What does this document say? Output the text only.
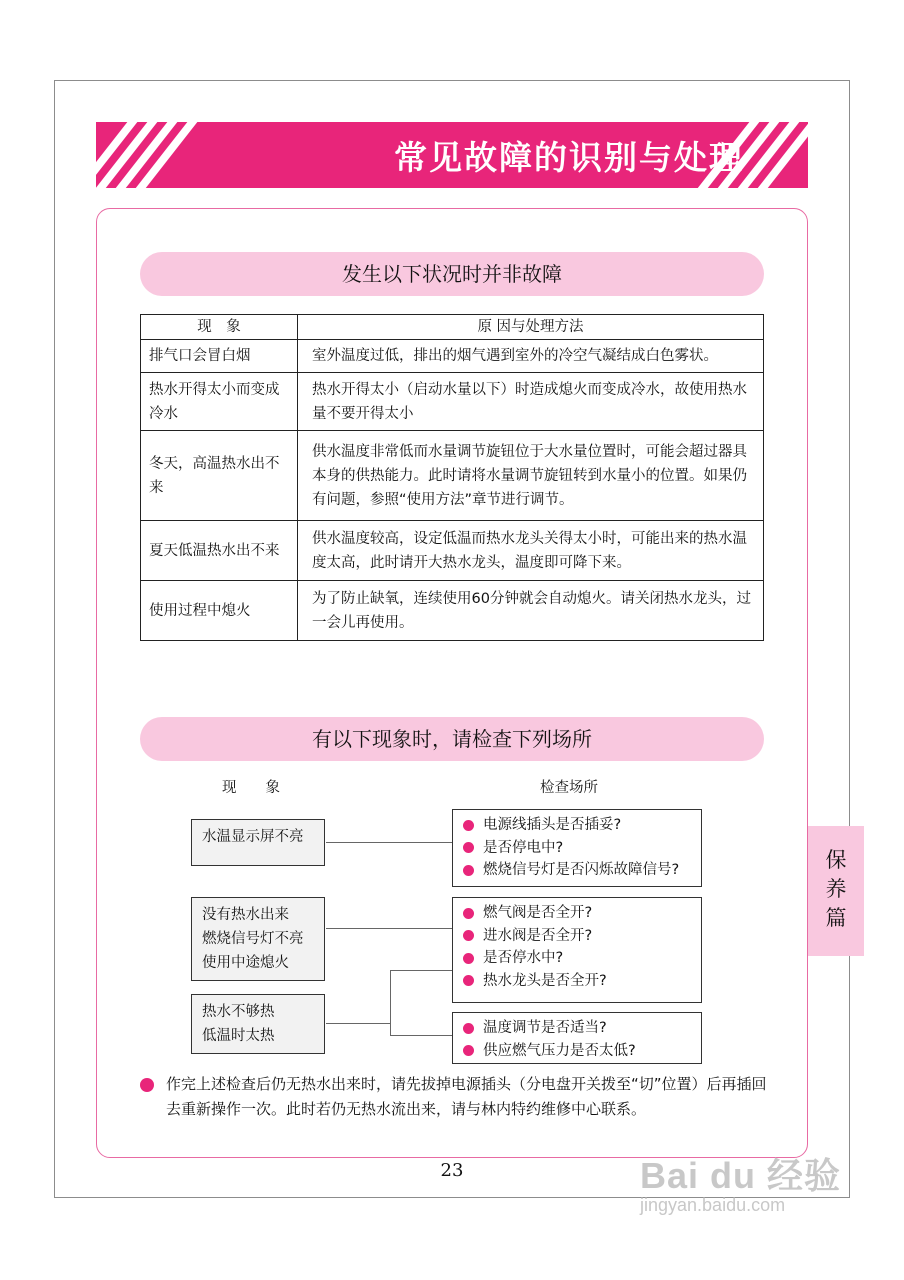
常见故障的识别与处理
发生以下状况时并非故障
现　象	原 因与处理方法
排气口会冒白烟	室外温度过低，排出的烟气遇到室外的冷空气凝结成白色雾状。
热水开得太小而变成冷水	热水开得太小（启动水量以下）时造成熄火而变成冷水，故使用热水量不要开得太小
冬天，高温热水出不来	供水温度非常低而水量调节旋钮位于大水量位置时，可能会超过器具本身的供热能力。此时请将水量调节旋钮转到水量小的位置。如果仍有问题，参照“使用方法”章节进行调节。
夏天低温热水出不来	供水温度较高，设定低温而热水龙头关得太小时，可能出来的热水温度太高，此时请开大热水龙头，温度即可降下来。
使用过程中熄火	为了防止缺氧，连续使用60分钟就会自动熄火。请关闭热水龙头，过一会儿再使用。
有以下现象时，请检查下列场所
现　　象	检查场所
水温显示屏不亮
没有热水出来
燃烧信号灯不亮
使用中途熄火
热水不够热
低温时太热
电源线插头是否插妥?
是否停电中?
燃烧信号灯是否闪烁故障信号?
燃气阀是否全开?
进水阀是否全开?
是否停水中?
热水龙头是否全开?
温度调节是否适当?
供应燃气压力是否太低?
作完上述检查后仍无热水出来时，请先拔掉电源插头（分电盘开关拨至“切”位置）后再插回去重新操作一次。此时若仍无热水流出来，请与林内特约维修中心联系。
保
养
篇
23	Bai du 经验
jingyan.baidu.com
